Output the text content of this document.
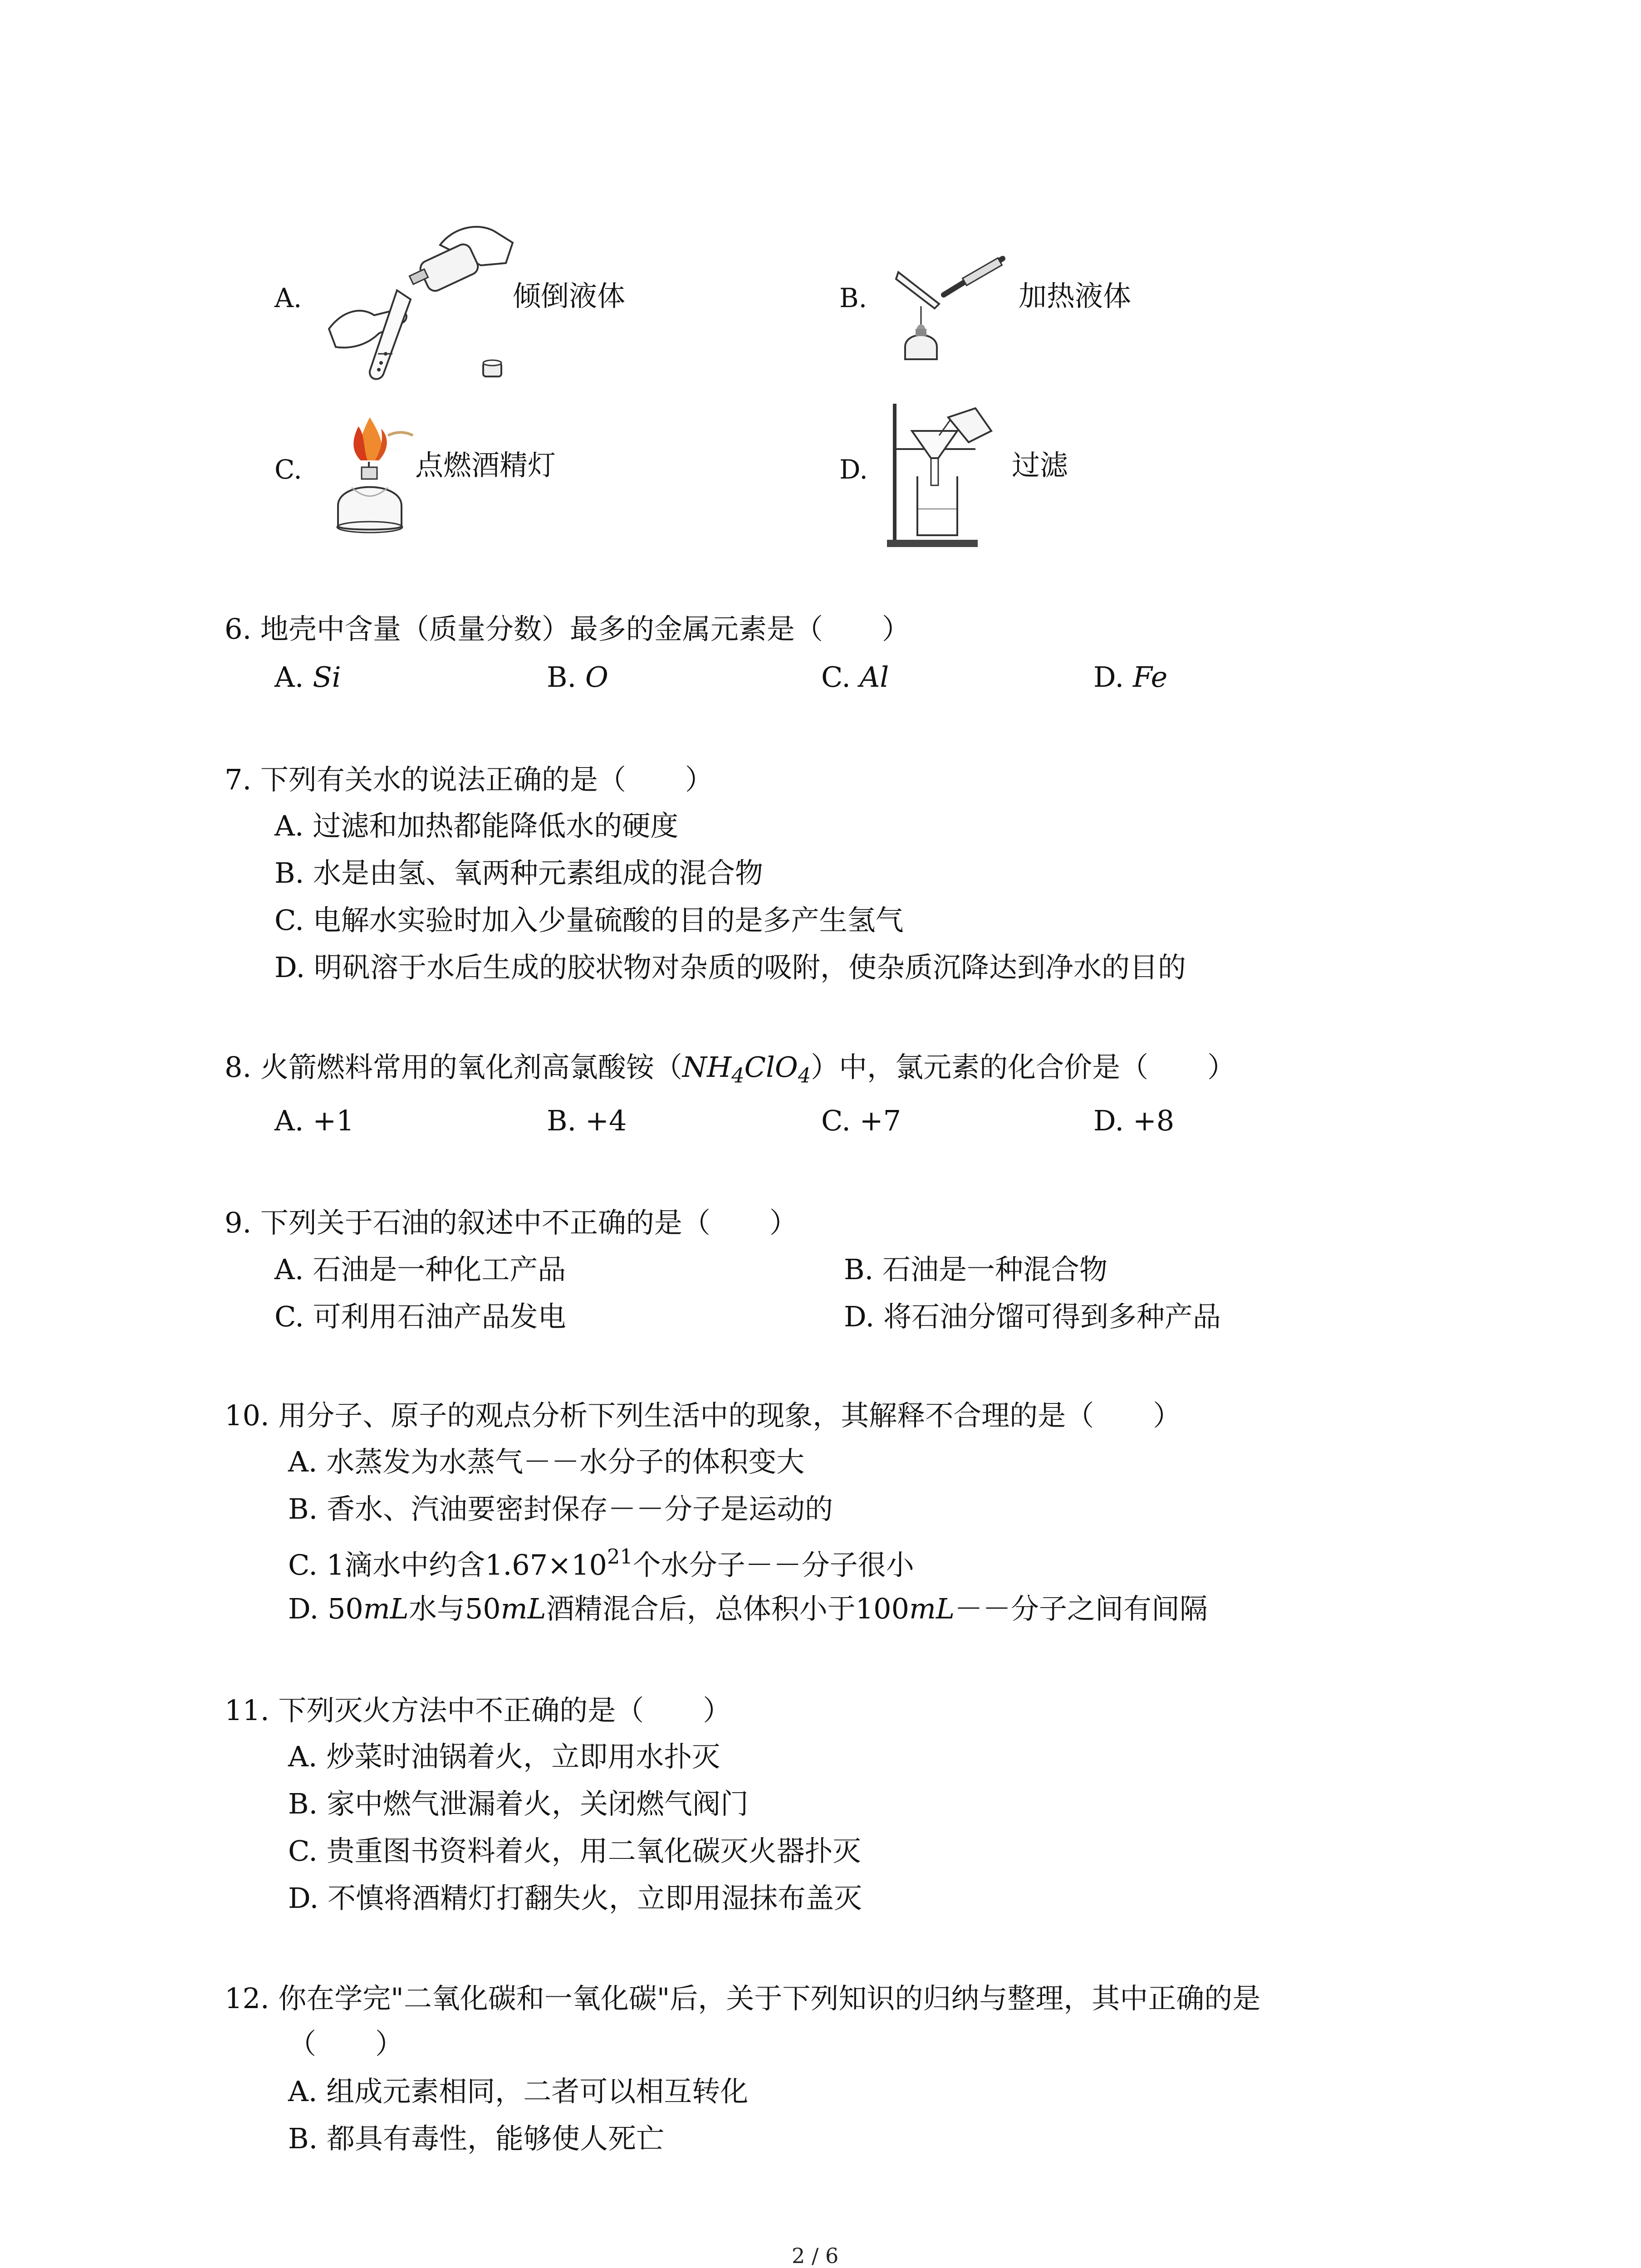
A.	倾倒液体	B.	加热液体
C.	点燃酒精灯	D.	过滤
6. 地壳中含量（质量分数）最多的金属元素是（ ）
A. Si	B. O	C. Al	D. Fe
7. 下列有关水的说法正确的是（ ）
A. 过滤和加热都能降低水的硬度
B. 水是由氢、氧两种元素组成的混合物
C. 电解水实验时加入少量硫酸的目的是多产生氢气
D. 明矾溶于水后生成的胶状物对杂质的吸附，使杂质沉降达到净水的目的
8. 火箭燃料常用的氧化剂高氯酸铵$(NH_4ClO_4)$中，氯元素的化合价是（ ）
A. +1	B. +4	C. +7	D. +8
9. 下列关于石油的叙述中不正确的是（ ）
A. 石油是一种化工产品	B. 石油是一种混合物
C. 可利用石油产品发电	D. 将石油分馏可得到多种产品
10. 用分子、原子的观点分析下列生活中的现象，其解释不合理的是（ ）
A. 水蒸发为水蒸气－－水分子的体积变大
B. 香水、汽油要密封保存－－分子是运动的
C. 1滴水中约含$1.67\times 10^{21}$个水分子－－分子很小
D. 50mL水与50mL酒精混合后，总体积小于100mL－－分子之间有间隔
11. 下列灭火方法中不正确的是（ ）
A. 炒菜时油锅着火，立即用水扑灭
B. 家中燃气泄漏着火，关闭燃气阀门
C. 贵重图书资料着火，用二氧化碳灭火器扑灭
D. 不慎将酒精灯打翻失火，立即用湿抹布盖灭
12. 你在学完"二氧化碳和一氧化碳"后，关于下列知识的归纳与整理，其中正确的是
（ ）
A. 组成元素相同，二者可以相互转化
B. 都具有毒性，能够使人死亡
2 / 6
